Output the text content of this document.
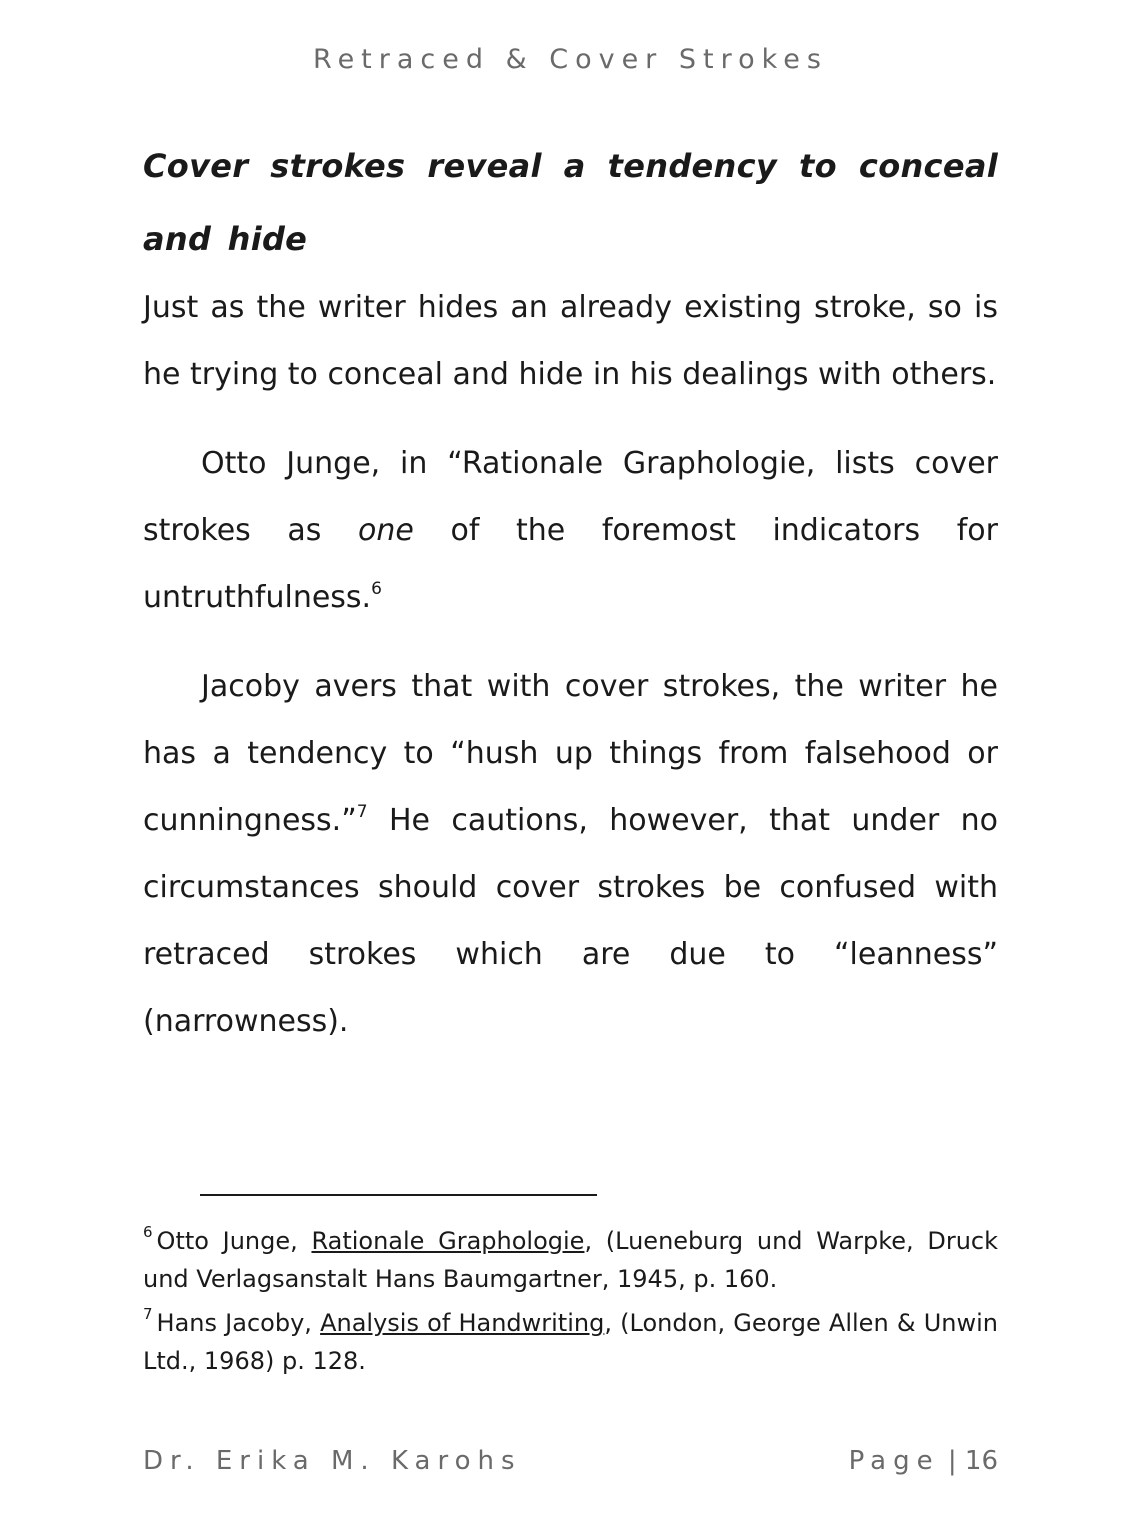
Retraced & Cover Strokes
Cover strokes reveal a tendency to conceal and hide

Just as the writer hides an already existing stroke, so is he trying to conceal and hide in his dealings with others.

Otto Junge, in “Rationale Graphologie, lists cover strokes as one of the foremost indicators for untruthfulness.$^6$

Jacoby avers that with cover strokes, the writer he has a tendency to “hush up things from falsehood or cunningness.”$^7$ He cautions, however, that under no circumstances should cover strokes be confused with retraced strokes which are due to “leanness” (narrowness).

$^6$ Otto Junge, Rationale Graphologie, (Lueneburg und Warpke, Druck und Verlagsanstalt Hans Baumgartner, 1945, p. 160.

$^7$ Hans Jacoby, Analysis of Handwriting, (London, George Allen & Unwin Ltd., 1968) p. 128.

Dr. Erika M. Karohs	Page | 16
